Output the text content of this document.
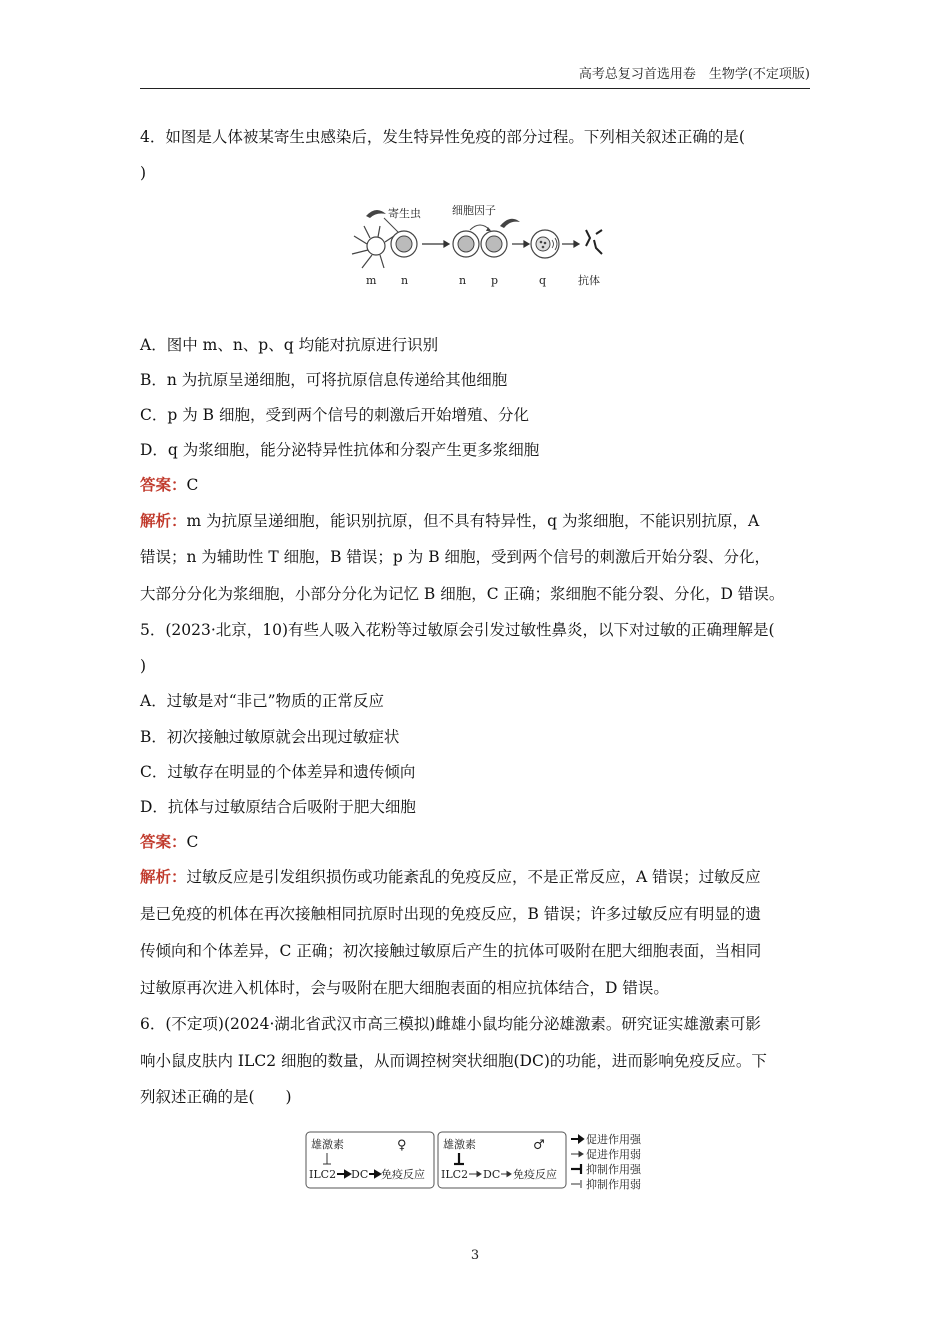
高考总复习首选用卷　生物学(不定项版)
4．如图是人体被某寄生虫感染后，发生特异性免疫的部分过程。下列相关叙述正确的是(
)
寄生虫	细胞因子
m n	n p	q	抗体
A．图中 m、n、p、q 均能对抗原进行识别
B．n 为抗原呈递细胞，可将抗原信息传递给其他细胞
C．p 为 B 细胞，受到两个信号的刺激后开始增殖、分化
D．q 为浆细胞，能分泌特异性抗体和分裂产生更多浆细胞
答案：C
解析：m 为抗原呈递细胞，能识别抗原，但不具有特异性，q 为浆细胞，不能识别抗原，A
错误；n 为辅助性 T 细胞，B 错误；p 为 B 细胞，受到两个信号的刺激后开始分裂、分化，
大部分分化为浆细胞，小部分分化为记忆 B 细胞，C 正确；浆细胞不能分裂、分化，D 错误。
5．(2023·北京，10)有些人吸入花粉等过敏原会引发过敏性鼻炎，以下对过敏的正确理解是(
)
A．过敏是对“非己”物质的正常反应
B．初次接触过敏原就会出现过敏症状
C．过敏存在明显的个体差异和遗传倾向
D．抗体与过敏原结合后吸附于肥大细胞
答案：C
解析：过敏反应是引发组织损伤或功能紊乱的免疫反应，不是正常反应，A 错误；过敏反应
是已免疫的机体在再次接触相同抗原时出现的免疫反应，B 错误；许多过敏反应有明显的遗
传倾向和个体差异，C 正确；初次接触过敏原后产生的抗体可吸附在肥大细胞表面，当相同
过敏原再次进入机体时，会与吸附在肥大细胞表面的相应抗体结合，D 错误。
6．(不定项)(2024·湖北省武汉市高三模拟)雌雄小鼠均能分泌雄激素。研究证实雄激素可影
响小鼠皮肤内 ILC2 细胞的数量，从而调控树突状细胞(DC)的功能，进而影响免疫反应。下
列叙述正确的是(　　)
雄激素	♀
ILC2 DC 免疫反应
雄激素	♂
ILC2 DC 免疫反应
促进作用强
促进作用弱
抑制作用强
抑制作用弱
3
